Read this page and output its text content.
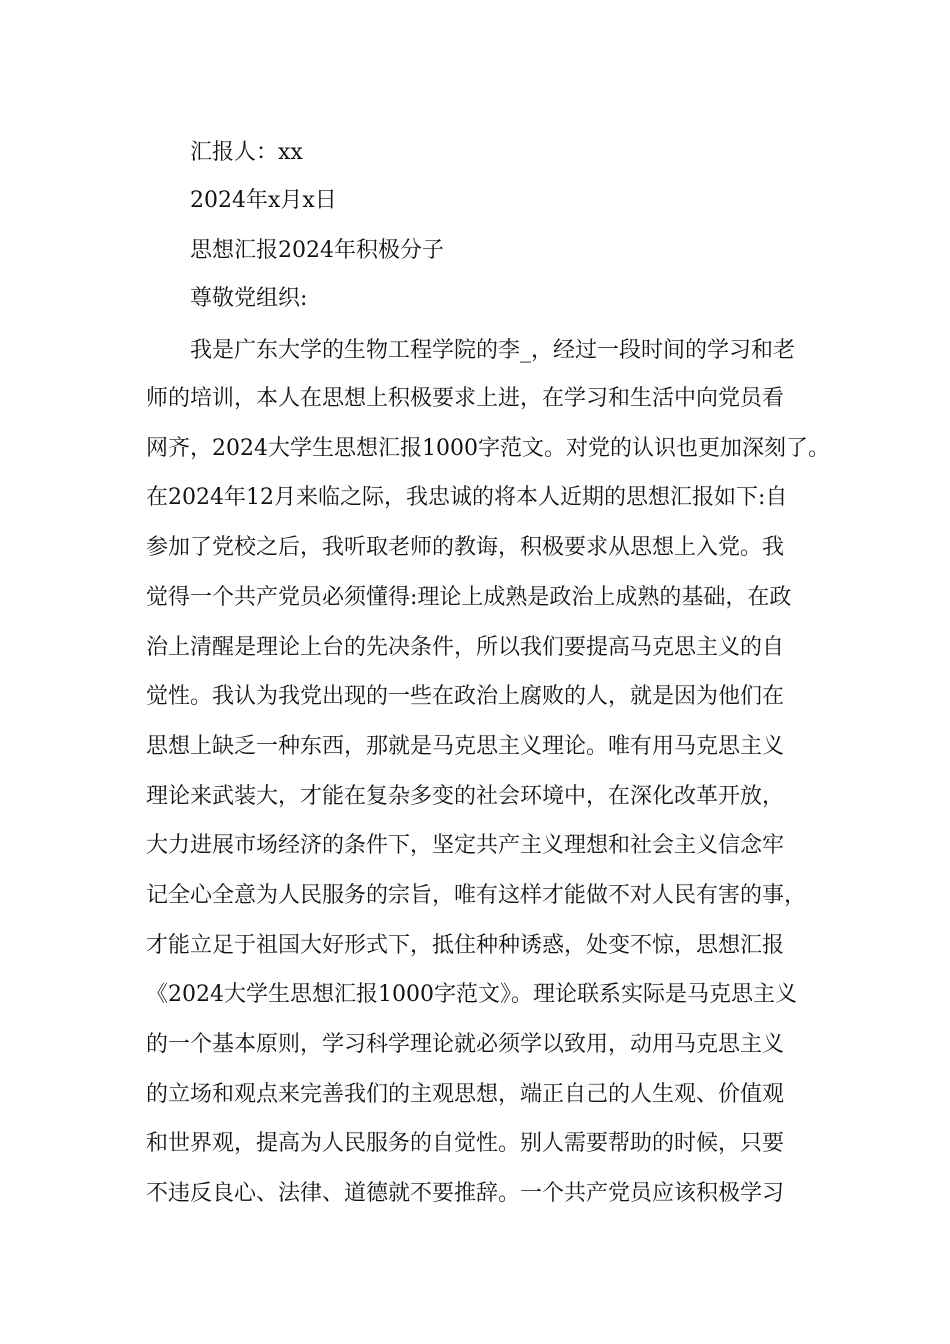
汇报人：xx
2024年x月x日
思想汇报2024年积极分子
尊敬党组织:
我是广东大学的生物工程学院的李_，经过一段时间的学习和老
师的培训，本人在思想上积极要求上进，在学习和生活中向党员看
网齐，2024大学生思想汇报1000字范文。对党的认识也更加深刻了。
在2024年12月来临之际，我忠诚的将本人近期的思想汇报如下:自
参加了党校之后，我听取老师的教诲，积极要求从思想上入党。我
觉得一个共产党员必须懂得:理论上成熟是政治上成熟的基础，在政
治上清醒是理论上台的先决条件，所以我们要提高马克思主义的自
觉性。我认为我党出现的一些在政治上腐败的人，就是因为他们在
思想上缺乏一种东西，那就是马克思主义理论。唯有用马克思主义
理论来武装大，才能在复杂多变的社会环境中，在深化改革开放，
大力进展市场经济的条件下，坚定共产主义理想和社会主义信念牢
记全心全意为人民服务的宗旨，唯有这样才能做不对人民有害的事，
才能立足于祖国大好形式下，抵住种种诱惑，处变不惊，思想汇报
《2024大学生思想汇报1000字范文》。理论联系实际是马克思主义
的一个基本原则，学习科学理论就必须学以致用，动用马克思主义
的立场和观点来完善我们的主观思想，端正自己的人生观、价值观
和世界观，提高为人民服务的自觉性。别人需要帮助的时候，只要
不违反良心、法律、道德就不要推辞。一个共产党员应该积极学习
